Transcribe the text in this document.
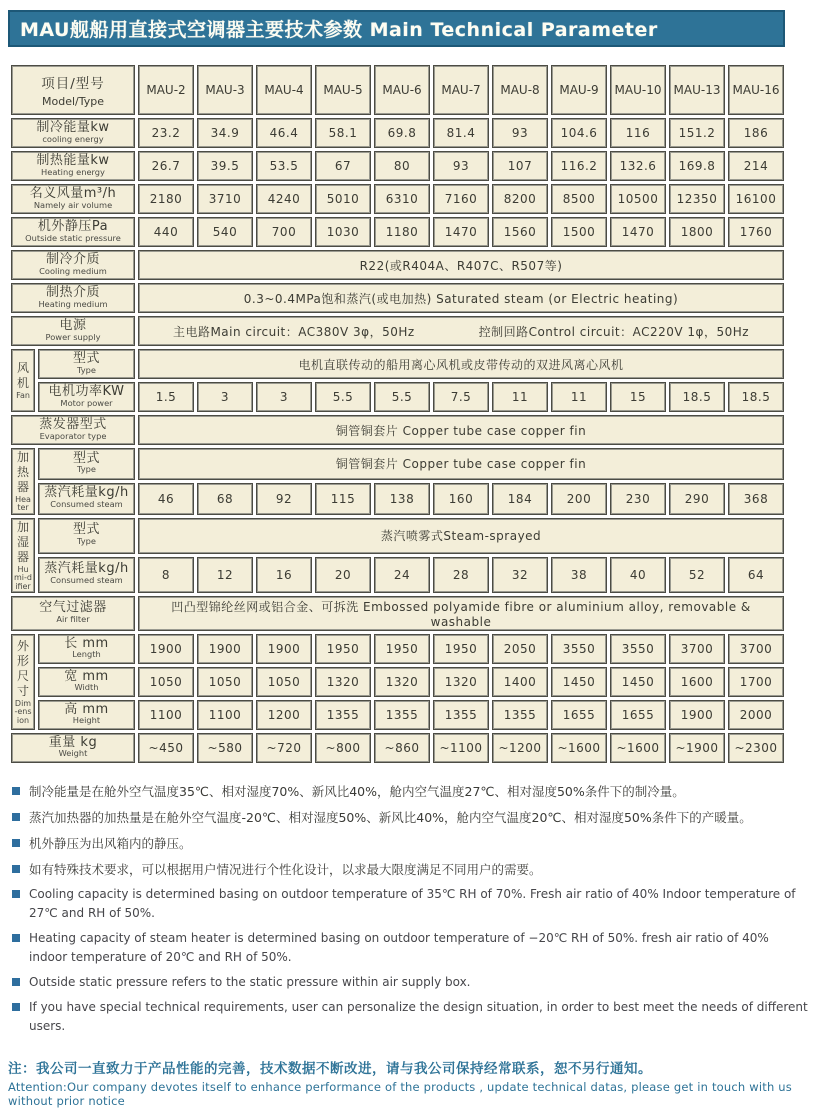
MAU舰船用直接式空调器主要技术参数 Main Technical Parameter
项目/型号
Model/Type		MAU-2	MAU-3	MAU-4	MAU-5	MAU-6	MAU-7	MAU-8	MAU-9	MAU-10	MAU-13	MAU-16

制冷能量kw
cooling energy		23.2	34.9	46.4	58.1	69.8	81.4	93	104.6	116	151.2	186

制热能量kw
Heating energy		26.7	39.5	53.5	67	80	93	107	116.2	132.6	169.8	214

名义风量m³/h
Namely air volume		2180	3710	4240	5010	6310	7160	8200	8500	10500	12350	16100

机外静压Pa
Outside static pressure		440	540	700	1030	1180	1470	1560	1500	1470	1800	1760

制冷介质
Cooling medium		R22(或R404A、R407C、R507等)										

制热介质
Heating medium		0.3~0.4MPa饱和蒸汽(或电加热) Saturated steam (or Electric heating)										

电源
Power supply	主电路Main circuit：AC380V 3φ，50Hz	控制回路Control circuit：AC220V 1φ，50Hz

风
机
Fan

型式
Type	电机直联传动的船用离心风机或皮带传动的双进风离心风机

	电机功率KW
Motor power	1.5	3	3	5.5	5.5	7.5	11	11	15	18.5	18.5

蒸发器型式
Evaporator type		铜管铜套片 Copper tube case copper fin										

加
热
器
Heater

型式
Type	铜管铜套片 Copper tube case copper fin

	蒸汽耗量kg/h
Consumed steam	46	68	92	115	138	160	184	200	230	290	368

加
湿
器
Humi-difier

型式
Type	蒸汽喷雾式Steam-sprayed

	蒸汽耗量kg/h
Consumed steam	8	12	16	20	24	28	32	38	40	52	64

空气过滤器
Air filter		凹凸型锦纶丝网或铝合金、可拆洗 Embossed polyamide fibre or aluminium alloy, removable & washable										

外
形
尺
寸
Dim-ension

长 mm
Length	1900	1900	1900	1950	1950	1950	2050	3550	3550	3700	3700

	宽 mm
Width	1050	1050	1050	1320	1320	1320	1400	1450	1450	1600	1700

	高 mm
Height	1100	1100	1200	1355	1355	1355	1355	1655	1655	1900	2000

重量 kg
Weight		~450	~580	~720	~800	~860	~1100	~1200	~1600	~1600	~1900	~2300
制冷能量是在舱外空气温度35℃、相对湿度70%、新风比40%，舱内空气温度27℃、相对湿度50%条件下的制冷量。
蒸汽加热器的加热量是在舱外空气温度-20℃、相对湿度50%、新风比40%，舱内空气温度20℃、相对湿度50%条件下的产暖量。
机外静压为出风箱内的静压。
如有特殊技术要求，可以根据用户情况进行个性化设计，以求最大限度满足不同用户的需要。
Cooling capacity is determined basing on outdoor temperature of 35℃ RH of 70%. Fresh air ratio of 40% Indoor temperature of 27℃ and RH of 50%.
Heating capacity of steam heater is determined basing on outdoor temperature of −20℃ RH of 50%. fresh air ratio of 40% indoor temperature of 20℃ and RH of 50%.
Outside static pressure refers to the static pressure within air supply box.
If you have special technical requirements, user can personalize the design situation, in order to best meet the needs of different users.
注：我公司一直致力于产品性能的完善，技术数据不断改进，请与我公司保持经常联系，恕不另行通知。
Attention:Our company devotes itself to enhance performance of the products , update technical datas, please get in touch with us without prior notice
